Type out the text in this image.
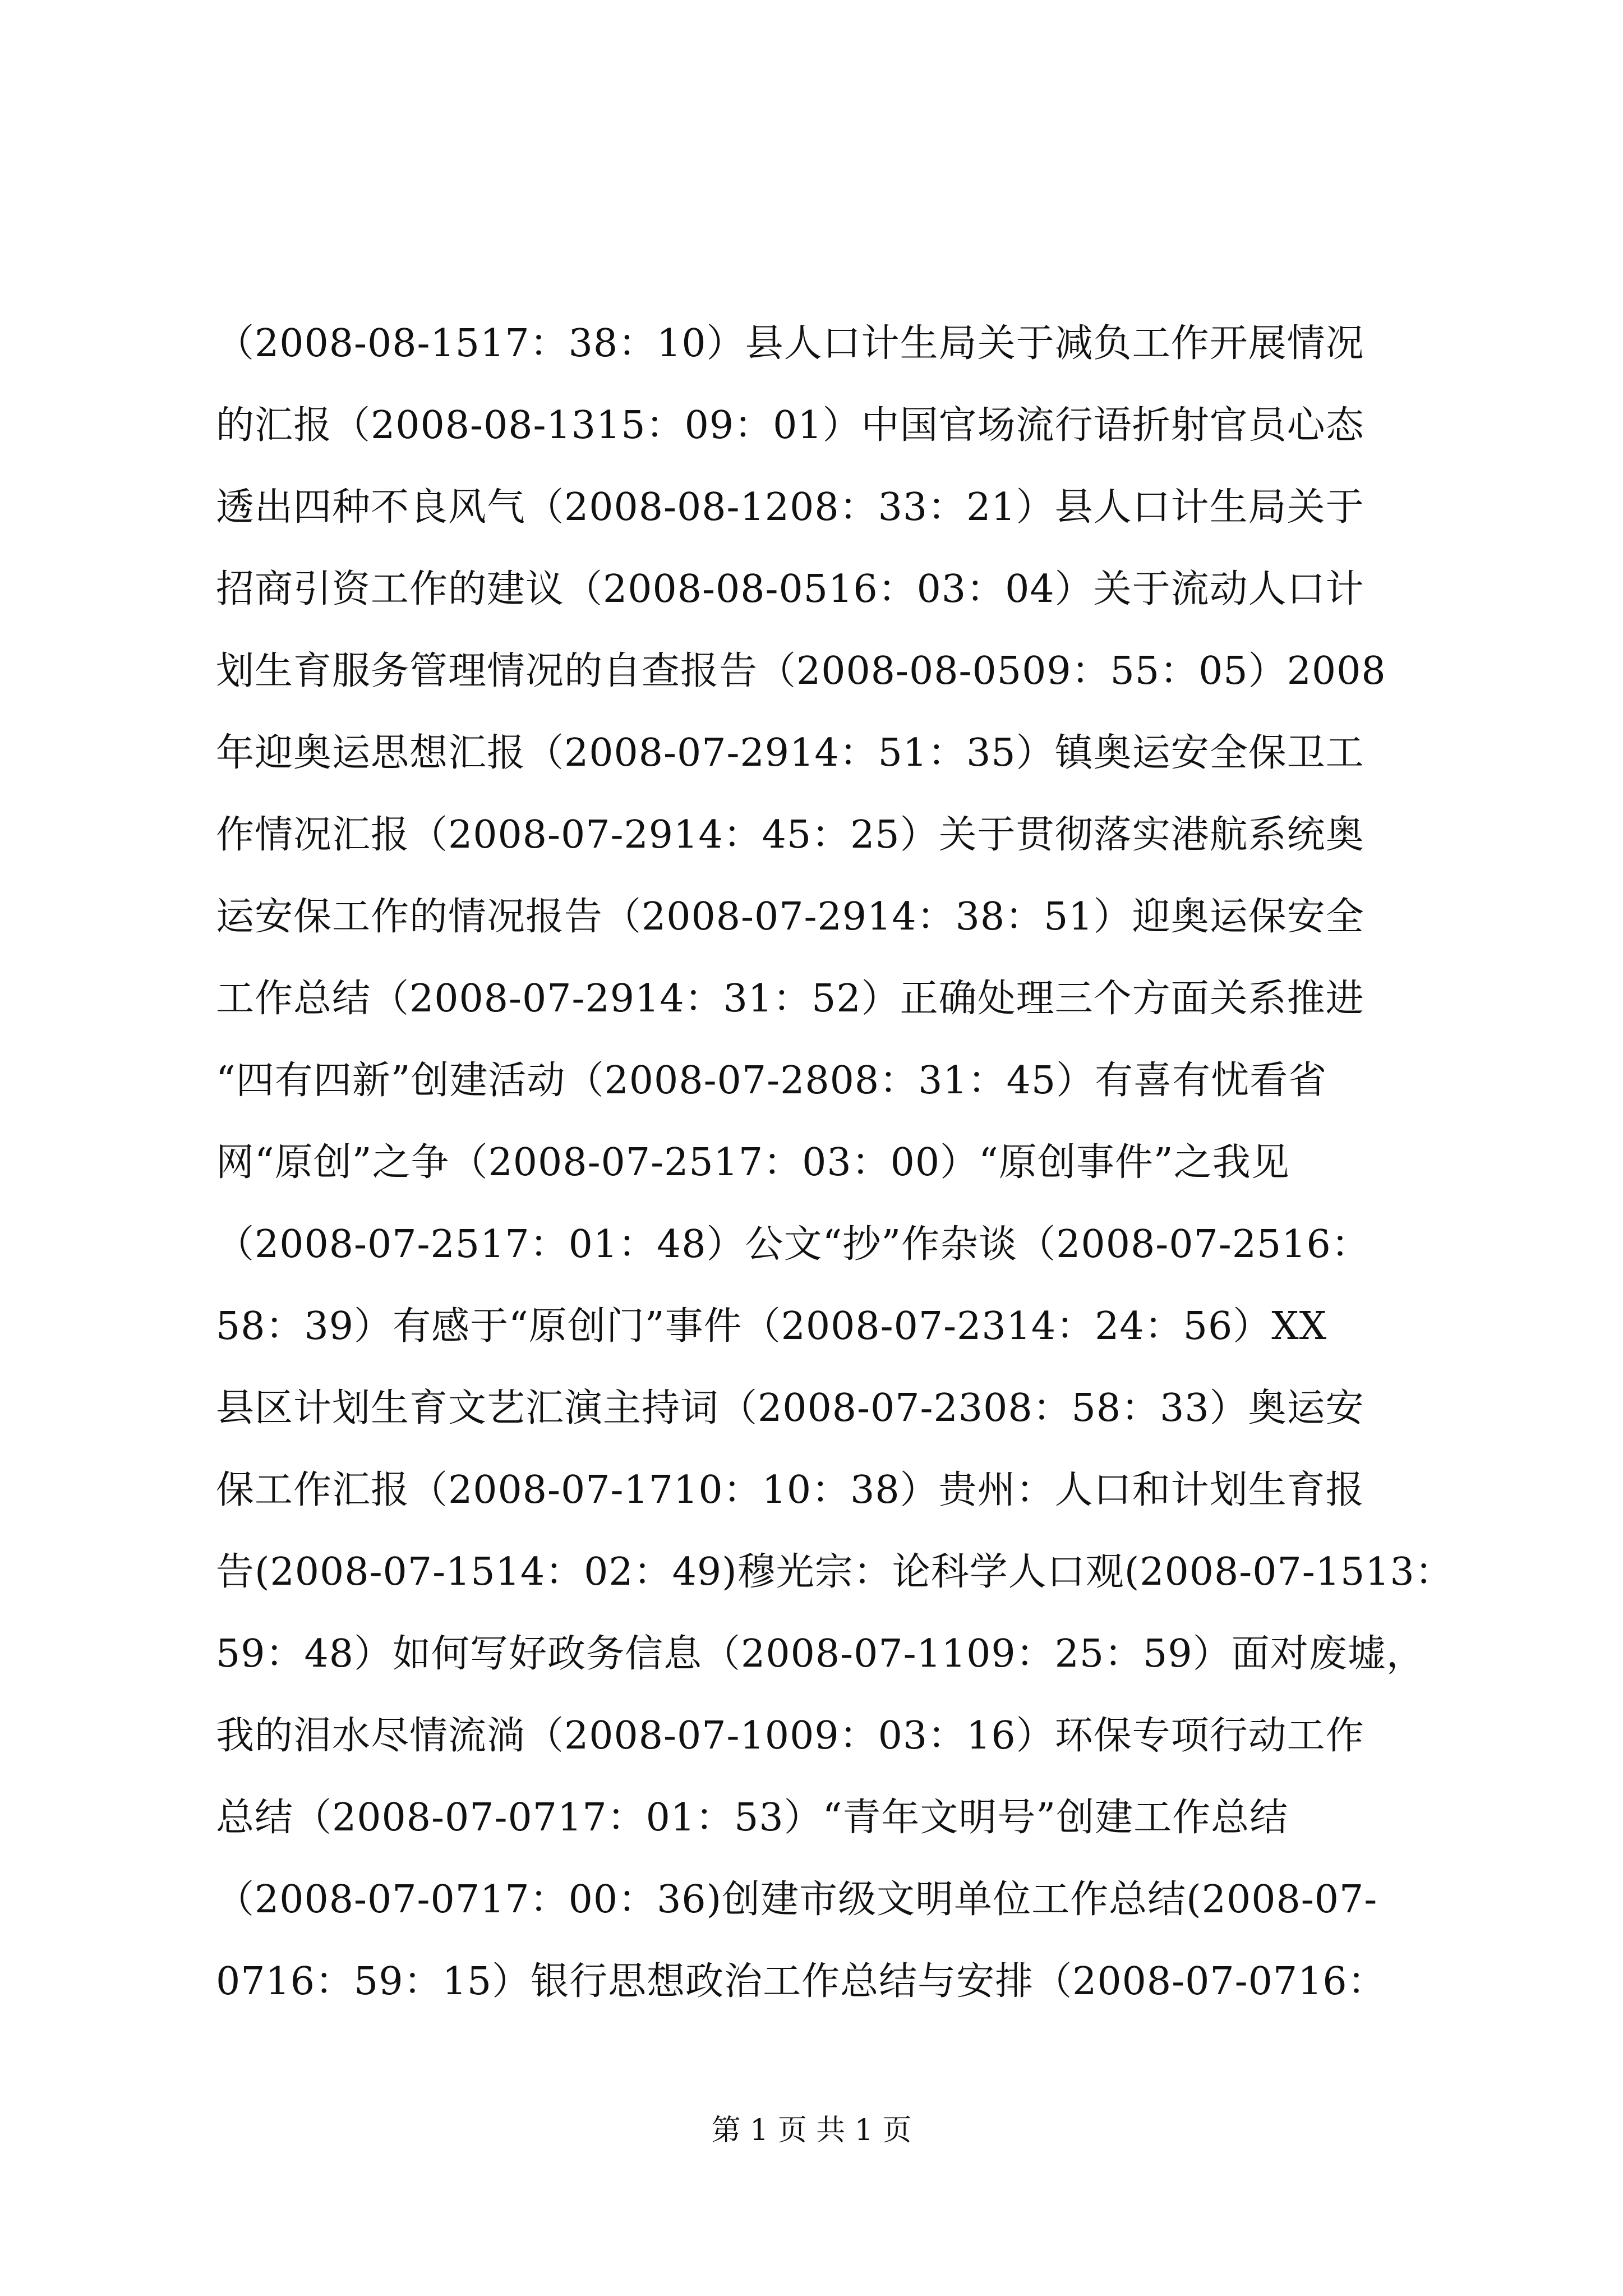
（2008-08-1517：38：10）县人口计生局关于减负工作开展情况
的汇报（2008-08-1315：09：01）中国官场流行语折射官员心态
透出四种不良风气（2008-08-1208：33：21）县人口计生局关于
招商引资工作的建议（2008-08-0516：03：04）关于流动人口计
划生育服务管理情况的自查报告（2008-08-0509：55：05）2008
年迎奥运思想汇报（2008-07-2914：51：35）镇奥运安全保卫工
作情况汇报（2008-07-2914：45：25）关于贯彻落实港航系统奥
运安保工作的情况报告（2008-07-2914：38：51）迎奥运保安全
工作总结（2008-07-2914：31：52）正确处理三个方面关系推进
“四有四新”创建活动（2008-07-2808：31：45）有喜有忧看省
网“原创”之争（2008-07-2517：03：00）“原创事件”之我见
（2008-07-2517：01：48）公文“抄”作杂谈（2008-07-2516：
58：39）有感于“原创门”事件（2008-07-2314：24：56）XX
县区计划生育文艺汇演主持词（2008-07-2308：58：33）奥运安
保工作汇报（2008-07-1710：10：38）贵州：人口和计划生育报
告(2008-07-1514：02：49)穆光宗：论科学人口观(2008-07-1513：
59：48）如何写好政务信息（2008-07-1109：25：59）面对废墟，
我的泪水尽情流淌（2008-07-1009：03：16）环保专项行动工作
总结（2008-07-0717：01：53）“青年文明号”创建工作总结
（2008-07-0717：00：36)创建市级文明单位工作总结(2008-07-
0716：59：15）银行思想政治工作总结与安排（2008-07-0716：
第 1 页 共 1 页
